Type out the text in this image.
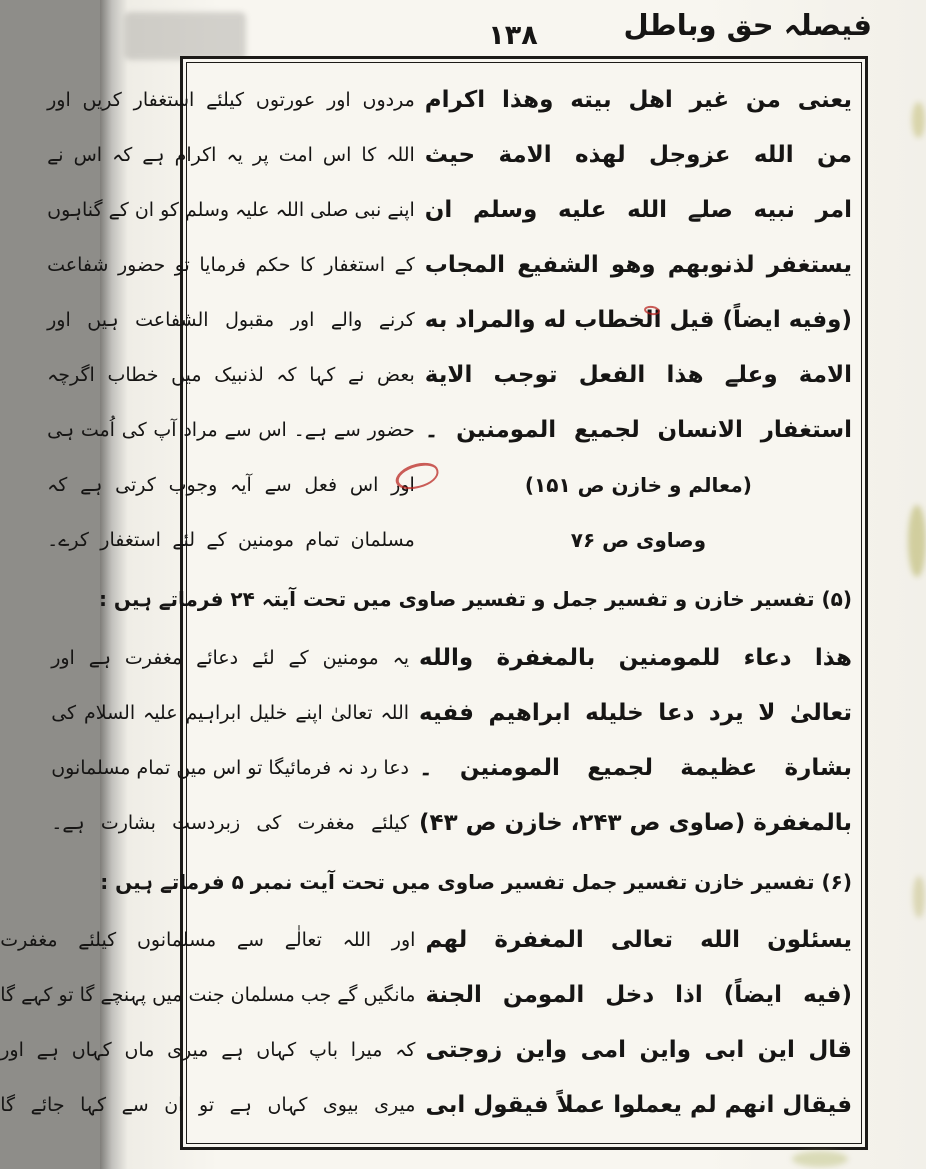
فیصلہ حق وباطل
۱۳۸
یعنی من غیر اهل بیته وهذا اکرام
من الله عزوجل لهذه الامة حیث
امر نبیه صلے الله علیه وسلم ان
یستغفر لذنوبهم وهو الشفیع المجاب
(وفیه ایضاً) قیل الخطاب له والمراد به
الامة وعلے هذا الفعل توجب الایة
استغفار الانسان لجمیع المومنین ۔
(معالم و خازن ص ۱۵۱)
وصاوی ص ۷۶
مردوں اور عورتوں کیلئے استغفار کریں اور
اللہ کا اس امت پر یہ اکرام ہے کہ اس نے
اپنے نبی صلی اللہ علیہ وسلم کو ان کے گناہوں
کے استغفار کا حکم فرمایا تو حضور شفاعت
کرنے والے اور مقبول الشفاعت ہیں اور
بعض نے کہا کہ لذنبیک میں خطاب اگرچہ
حضور سے ہے۔ اس سے مراد آپ کی اُمت ہی
اور اس فعل سے آیہ وجوب کرتی ہے کہ
مسلمان تمام مومنین کے لئے استغفار کرے۔
(۵) تفسیر خازن و تفسیر جمل و تفسیر صاوی میں تحت آیتہ ۲۴ فرماتے ہیں :
هذا دعاء للمومنین بالمغفرة والله
تعالیٰ لا یرد دعا خلیله ابراهیم ففیه
بشارة عظیمة لجمیع المومنین ۔
بالمغفرة (صاوی ص ۲۴۳، خازن ص ۴۳)
یہ مومنین کے لئے دعائے مغفرت ہے اور
اللہ تعالیٰ اپنے خلیل ابراہیم علیہ السلام کی
دعا رد نہ فرمائیگا تو اس میں تمام مسلمانوں
کیلئے مغفرت کی زبردست بشارت ہے۔
(۶) تفسیر خازن تفسیر جمل تفسیر صاوی میں تحت آیت نمبر ۵ فرماتے ہیں :
یسئلون الله تعالی المغفرة لهم
(فیه ایضاً) اذا دخل المومن الجنة
قال این ابی واین امی واین زوجتی
فیقال انهم لم یعملوا عملاً فیقول ابی
اور اللہ تعالٰے سے مسلمانوں کیلئے مغفرت
مانگیں گے جب مسلمان جنت میں پہنچے گا تو کہے گا
کہ میرا باپ کہاں ہے میری ماں کہاں ہے اور
میری بیوی کہاں ہے تو ان سے کہا جائے گا
